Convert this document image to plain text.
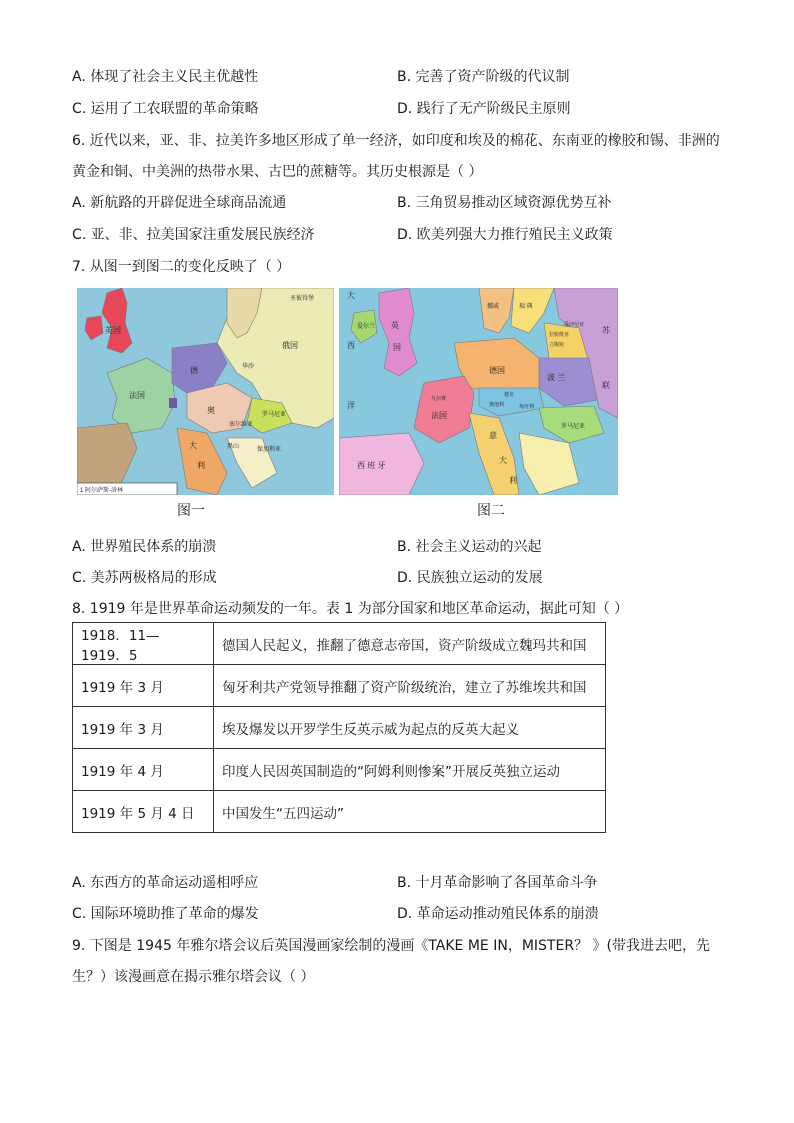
A. 体现了社会主义民主优越性	B. 完善了资产阶级的代议制
C. 运用了工农联盟的革命策略	D. 践行了无产阶级民主原则
6. 近代以来，亚、非、拉美许多地区形成了单一经济，如印度和埃及的棉花、东南亚的橡胶和锡、非洲的
黄金和铜、中美洲的热带水果、古巴的蔗糖等。其历史根源是（ ）
A. 新航路的开辟促进全球商品流通	B. 三角贸易推动区域资源优势互补
C. 亚、非、拉美国家注重发展民族经济	D. 欧美列强大力推行殖民主义政策
7. 从图一到图二的变化反映了（ ）
英国
法国
俄国
德
奥
大
利
圣彼得堡
华沙
罗马尼亚
保加利亚
塞尔维亚
黑山
1 阿尔萨斯-洛林
图一
英
国
法国
西 班 牙
德国
波 兰
意
大
利
爱尔兰
挪威	瑞 典
罗马尼亚
苏
联
立陶宛
拉脱维亚
爱沙尼亚
捷克
奥地利	匈牙利
凡尔赛
大
西
洋
图二
A. 世界殖民体系的崩溃	B. 社会主义运动的兴起
C. 美苏两极格局的形成	D. 民族独立运动的发展
8. 1919 年是世界革命运动频发的一年。表 1 为部分国家和地区革命运动，据此可知（ ）
1918．11—1919．5	德国人民起义，推翻了德意志帝国，资产阶级成立魏玛共和国
1919 年 3 月	匈牙利共产党领导推翻了资产阶级统治，建立了苏维埃共和国
1919 年 3 月	埃及爆发以开罗学生反英示威为起点的反英大起义
1919 年 4 月	印度人民因英国制造的“阿姆利则惨案”开展反英独立运动
1919 年 5 月 4 日	中国发生“五四运动”
A. 东西方的革命运动遥相呼应	B. 十月革命影响了各国革命斗争
C. 国际环境助推了革命的爆发	D. 革命运动推动殖民体系的崩溃
9. 下图是 1945 年雅尔塔会议后英国漫画家绘制的漫画《TAKE ME IN，MISTER？ 》(带我进去吧，先
生？）该漫画意在揭示雅尔塔会议（ ）
